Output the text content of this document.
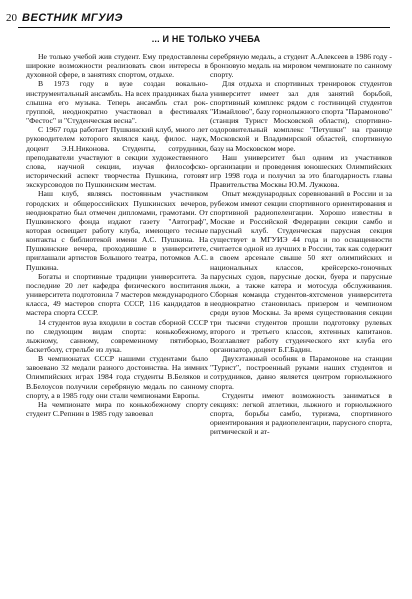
20 ВЕСТНИК МГУИЭ
... И НЕ ТОЛЬКО УЧЕБА

Не только учебой жив студент. Ему предоставлены широкие возможности реализовать свои интересы в духовной сфере, в занятиях спортом, отдыхе.

В 1973 году в вузе создан вокально-инструментальный ансамбль. На всех праздниках была слышна его музыка. Теперь ансамбль стал рок-группой, неоднократно участвовал в фестивалях "Фестос" и "Студенческая весна".

С 1967 года работает Пушкинский клуб, много лет руководителем которого являлся канд. филос. наук, доцент Э.Н.Никонова. Студенты, сотрудники, преподаватели участвуют в секции художественного слова, научной секции, изучая философско-исторический аспект творчества Пушкина, готовят экскурсоводов по Пушкинским местам.

Наш клуб, являясь постоянным участником городских и общероссийских Пушкинских вечеров, неоднократно был отмечен дипломами, грамотами. От Пушкинского фонда издают газету "Автограф", которая освещает работу клуба, имеющего тесные контакты с библиотекой имени А.С. Пушкина. На Пушкинские вечера, проходившие в университете, приглашали артистов Большого театра, потомков А.С. Пушкина.

Богаты и спортивные традиции университета. За последние 20 лет кафедра физического воспитания университета подготовила 7 мастеров международного класса, 49 мастеров спорта СССР, 116 кандидатов в мастера спорта СССР.

14 студентов вуза входили в состав сборной СССР по следующим видам спорта: конькобежному, лыжному, санному, современному пятиборью, баскетболу, стрельбе из лука.

В чемпионатах СССР нашими студентами было завоевано 32 медали разного достоинства. На зимних Олимпийских играх 1984 года студенты В.Беляков и В.Белоусов получили серебряную медаль по санному спорту, а в 1985 году они стали чемпионами Европы.

На чемпионате мира по конькобежному спорту студент С.Репнин в 1985 году завоевал

серебряную медаль, а студент А.Алексеев в 1986 году - бронзовую медаль на мировом чемпионате по санному спорту.

Для отдыха и спортивных тренировок студентов университет имеет зал для занятий борьбой, спортивный комплекс рядом с гостиницей студентов "Измайлово", базу горнолыжного спорта "Парамоново" (станция Турист Московской области), спортивно-оздоровительный комплекс "Петушки" на границе Московской и Владимирской областей, спортивную базу на Московском море.

Наш университет был одним из участников организации и проведения юношеских Олимпийских игр 1998 года и получил за это благодарность главы Правительства Москвы Ю.М. Лужкова.

Опыт международных соревнований в России и за рубежом имеют секции спортивного ориентирования и спортивной радиопеленгации. Хорошо известны в Москве и Российской Федерации секции самбо и парусный клуб. Студенческая парусная секция существует в МГУИЭ 44 года и по оснащенности считается одной из лучших в России, так как содержит в своем арсенале свыше 50 яхт олимпийских и национальных классов, крейсерско-гоночных парусных судов, парусные доски, буера и парусные лыжи, а также катера и мотосуда обслуживания. Сборная команда студентов-яхтсменов университета неоднократно становилась призером и чемпионом среди вузов Москвы. За время существования секции три тысячи студентов прошли подготовку рулевых второго и третьего классов, яхтенных капитанов. Возглавляет работу студенческого яхт клуба его организатор, доцент Б.Г.Бадин.

Двухэтажный особняк в Парамонове на станции "Турист", построенный руками наших студентов и сотрудников, давно является центром горнолыжного спорта.

Студенты имеют возможность заниматься в секциях: легкой атлетики, лыжного и горнолыжного спорта, борьбы самбо, туризма, спортивного ориентирования и радиопеленгации, парусного спорта, ритмической и ат-
